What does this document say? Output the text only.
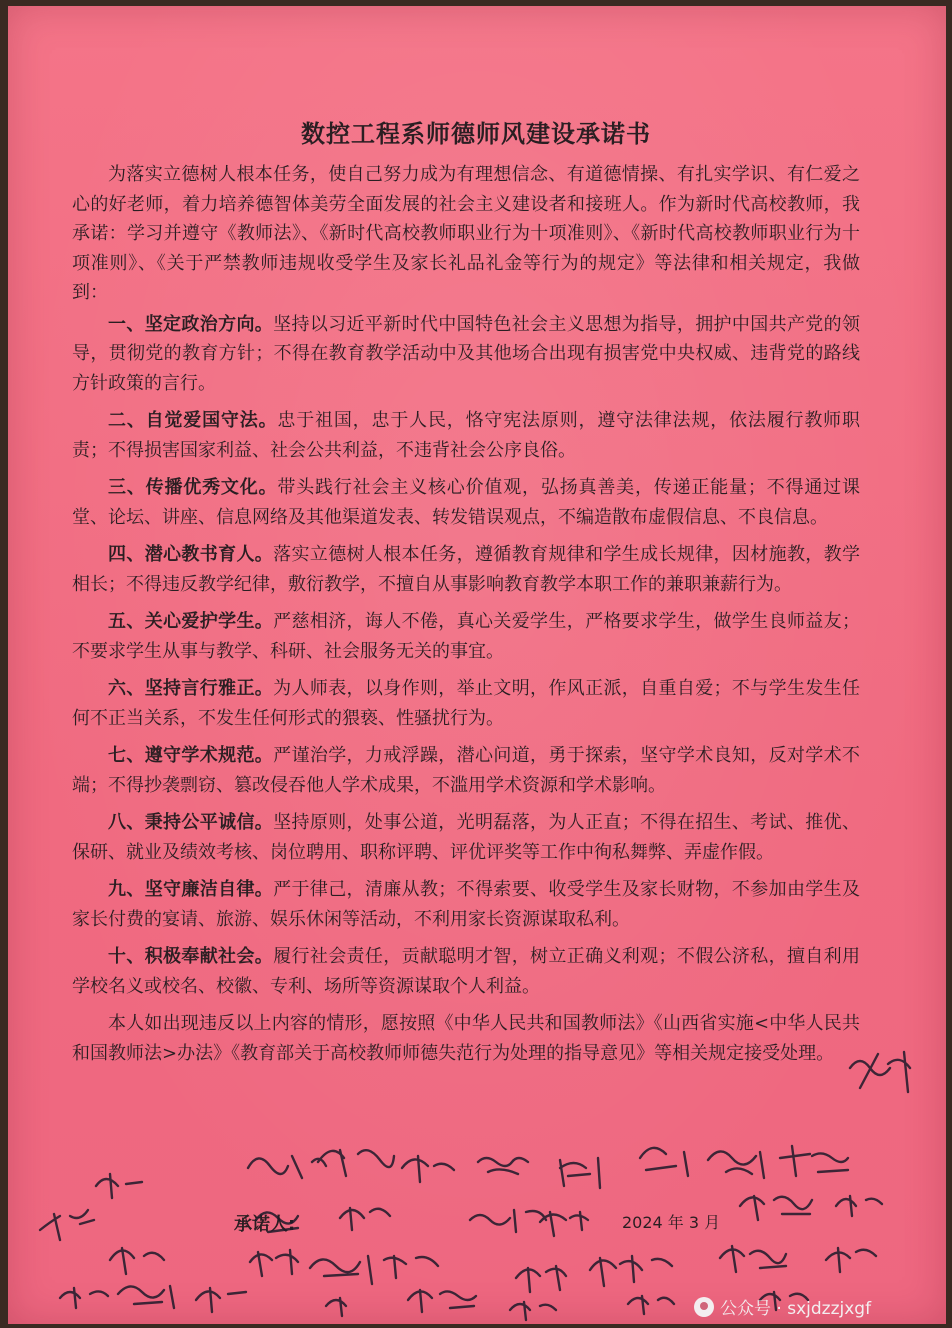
数控工程系师德师风建设承诺书

为落实立德树人根本任务，使自己努力成为有理想信念、有道德情操、有扎实学识、有仁爱之心的好老师，着力培养德智体美劳全面发展的社会主义建设者和接班人。作为新时代高校教师，我承诺：学习并遵守《教师法》、《新时代高校教师职业行为十项准则》、《新时代高校教师职业行为十项准则》、《关于严禁教师违规收受学生及家长礼品礼金等行为的规定》等法律和相关规定，我做到：

一、坚定政治方向。坚持以习近平新时代中国特色社会主义思想为指导，拥护中国共产党的领导，贯彻党的教育方针；不得在教育教学活动中及其他场合出现有损害党中央权威、违背党的路线方针政策的言行。

二、自觉爱国守法。忠于祖国，忠于人民，恪守宪法原则，遵守法律法规，依法履行教师职责；不得损害国家利益、社会公共利益，不违背社会公序良俗。

三、传播优秀文化。带头践行社会主义核心价值观，弘扬真善美，传递正能量；不得通过课堂、论坛、讲座、信息网络及其他渠道发表、转发错误观点，不编造散布虚假信息、不良信息。

四、潜心教书育人。落实立德树人根本任务，遵循教育规律和学生成长规律，因材施教，教学相长；不得违反教学纪律，敷衍教学，不擅自从事影响教育教学本职工作的兼职兼薪行为。

五、关心爱护学生。严慈相济，诲人不倦，真心关爱学生，严格要求学生，做学生良师益友；不要求学生从事与教学、科研、社会服务无关的事宜。

六、坚持言行雅正。为人师表，以身作则，举止文明，作风正派，自重自爱；不与学生发生任何不正当关系，不发生任何形式的猥亵、性骚扰行为。

七、遵守学术规范。严谨治学，力戒浮躁，潜心问道，勇于探索，坚守学术良知，反对学术不端；不得抄袭剽窃、篡改侵吞他人学术成果，不滥用学术资源和学术影响。

八、秉持公平诚信。坚持原则，处事公道，光明磊落，为人正直；不得在招生、考试、推优、保研、就业及绩效考核、岗位聘用、职称评聘、评优评奖等工作中徇私舞弊、弄虚作假。

九、坚守廉洁自律。严于律己，清廉从教；不得索要、收受学生及家长财物，不参加由学生及家长付费的宴请、旅游、娱乐休闲等活动，不利用家长资源谋取私利。

十、积极奉献社会。履行社会责任，贡献聪明才智，树立正确义利观；不假公济私，擅自利用学校名义或校名、校徽、专利、场所等资源谋取个人利益。

本人如出现违反以上内容的情形，愿按照《中华人民共和国教师法》《山西省实施<中华人民共和国教师法>办法》《教育部关于高校教师师德失范行为处理的指导意见》等相关规定接受处理。

承诺人:	2024 年 3 月
公众号 · sxjdzzjxgf
